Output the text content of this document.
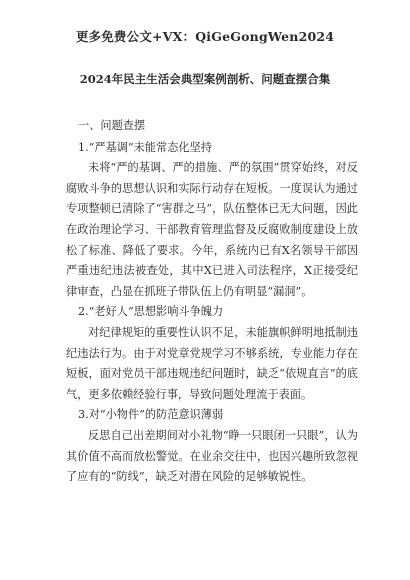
更多免费公文+VX：QiGeGongWen2024
2024年民主生活会典型案例剖析、问题查摆合集

一、问题查摆

1.“严基调”未能常态化坚持

未将“严的基调、严的措施、严的氛围”贯穿始终，对反腐败斗争的思想认识和实际行动存在短板。一度误认为通过专项整顿已清除了“害群之马”，队伍整体已无大问题，因此在政治理论学习、干部教育管理监督及反腐败制度建设上放松了标准、降低了要求。今年，系统内已有X名领导干部因严重违纪违法被查处，其中X已进入司法程序，X正接受纪律审查，凸显在抓班子带队伍上仍有明显“漏洞”。

2.“老好人”思想影响斗争魄力

对纪律规矩的重要性认识不足，未能旗帜鲜明地抵制违纪违法行为。由于对党章党规学习不够系统，专业能力存在短板，面对党员干部违规违纪问题时，缺乏“依规直言”的底气，更多依赖经验行事，导致问题处理流于表面。

3.对“小物件”的防范意识薄弱

反思自己出差期间对小礼物“睁一只眼闭一只眼”，认为其价值不高而放松警觉。在业余交往中，也因兴趣所致忽视了应有的“防线”，缺乏对潜在风险的足够敏锐性。
